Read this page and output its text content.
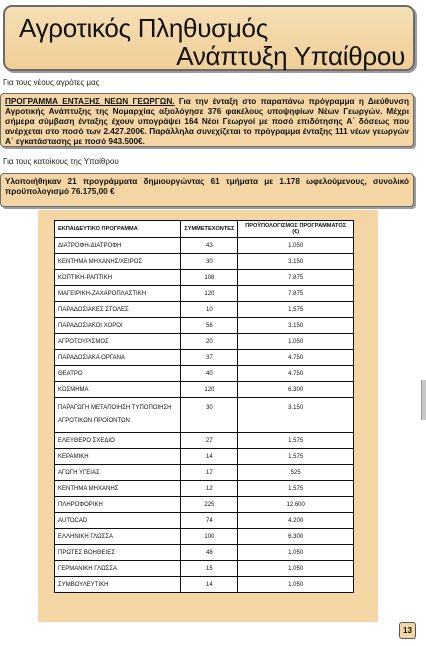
Αγροτικός Πληθυσμός
Ανάπτυξη Υπαίθρου
Για τους νέους αγρότες μας
ΠΡΟΓΡΑΜΜΑ ΕΝΤΑΞΗΣ ΝΕΩΝ ΓΕΩΡΓΩΝ. Για την ένταξη στο παραπάνω πρόγραμμα η Διεύθυνση Αγροτικής Ανάπτυξης της Νομαρχίας αξιολόγησε 376 φακέλους υποψηφίων Νέων Γεωργών. Μέχρι σήμερα σύμβαση ένταξης έχουν υπογράψει 164 Νέοι Γεωργοί με ποσό επιδότησης Α΄ δόσεως που ανέρχεται στο ποσό των 2.427.200€. Παράλληλα συνεχίζεται το πρόγραμμα ένταξης 111 νέων γεωργών Α΄ εγκατάστασης με ποσό 943.500€.
Για τους κατοίκους της Υπαίθρου
Υλοποιήθηκαν 21 προγράμματα δημιουργώντας 61 τμήματα με 1.178 ωφελούμενους, συνολικό προϋπολογισμό 76.175,00 €
ΕΚΠΑΙΔΕΥΤΙΚΟ ΠΡΟΓΡΑΜΜΑ	ΣΥΜΜΕΤΕΧΟΝΤΕΣ	ΠΡΟΫΠΟΛΟΓΙΣΜΟΣ ΠΡΟΓΡΑΜΜΑΤΟΣ (€)
ΔΙΑΤΡΟΦΗ-ΔΙΑΤΡΟΦΗ	43	1.050
ΚΕΝΤΗΜΑ ΜΗΧΑΝΗΣ/ΧΕΙΡΟΣ	30	3.150
ΚΟΠΤΙΚΗ-ΡΑΠΤΙΚΗ	108	7.875
ΜΑΓΕΙΡΙΚΗ-ΖΑΧΑΡΟΠΛΑΣΤΙΚΗ	120	7.875
ΠΑΡΑΔΟΣΙΑΚΕΣ ΣΤΟΛΕΣ	10	1.575
ΠΑΡΑΔΟΣΙΑΚΟΙ ΧΟΡΟΙ	56	3.150
ΑΓΡΟΤΟΥΡΙΣΜΟΣ	20	1.050
ΠΑΡΑΔΟΣΙΑΚΑ ΟΡΓΑΝΑ	37	4.750
ΘΕΑΤΡΟ	40	4.750
ΚΟΣΜΗΜΑ	120	6.300
ΠΑΡΑΓΩΓΗ ΜΕΤΑΠΟΙΗΣΗ ΤΥΠΟΠΟΙΗΣΗ ΑΓΡΟΤΙΚΩΝ ΠΡΟΪΟΝΤΩΝ	30	3.150
ΕΛΕΥΘΕΡΟ ΣΧΕΔΙΟ	27	1.575
ΚΕΡΑΜΙΚΗ	14	1.575
ΑΓΩΓΗ ΥΓΕΙΑΣ	17	525
ΚΕΝΤΗΜΑ ΜΗΧΑΝΗΣ	12	1.575
ΠΛΗΡΟΦΟΡΙΚΗ	225	12.600
AUTOCAD	74	4.200
ΕΛΛΗΝΙΚΗ ΓΛΩΣΣΑ	100	6.300
ΠΡΩΤΕΣ ΒΟΗΘΕΙΕΣ	48	1.050
ΓΕΡΜΑΝΙΚΗ ΓΛΩΣΣΑ	15	1.050
ΣΥΜΒΟΥΛΕΥΤΙΚΗ	14	1.050
13
